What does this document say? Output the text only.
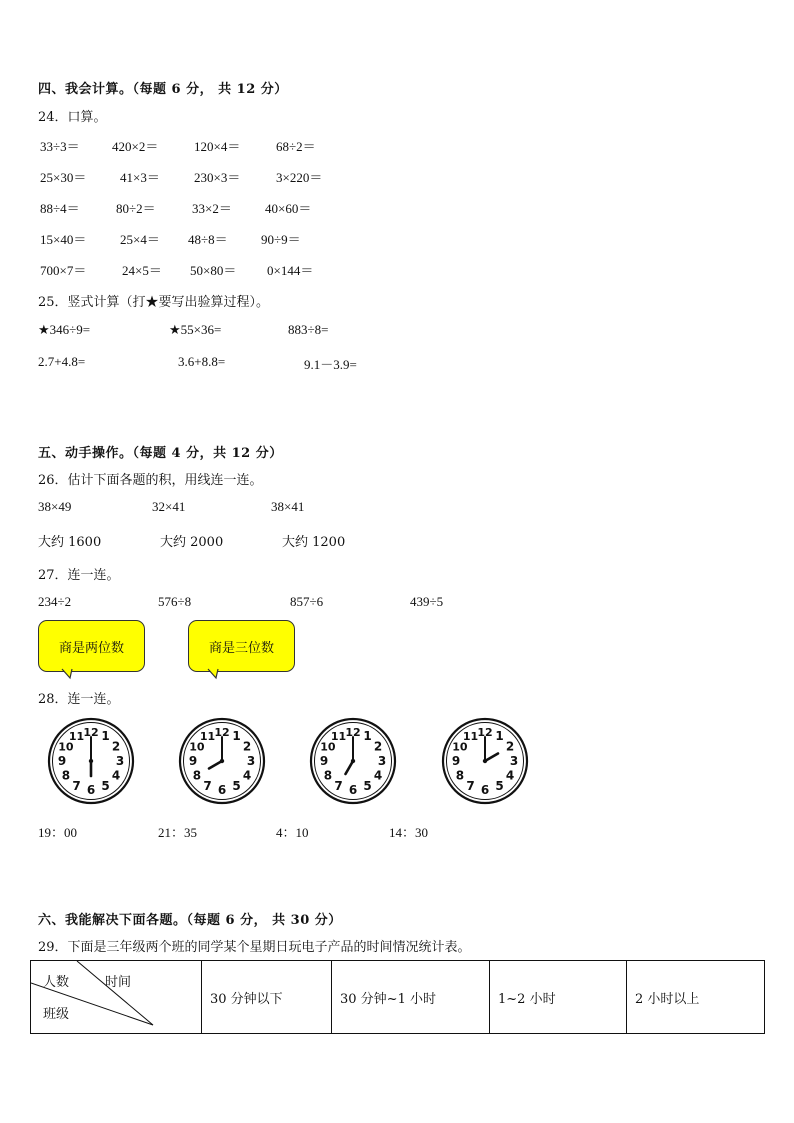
四、我会计算。（每题 6 分， 共 12 分）
24．口算。
33÷3＝ 420×2＝	120×4＝	68÷2＝
25×30＝	41×3＝	230×3＝	3×220＝
88÷4＝	80÷2＝	33×2＝	40×60＝
15×40＝	25×4＝ 48÷8＝	90÷9＝
700×7＝	24×5＝ 50×80＝ 0×144＝
25．竖式计算（打★要写出验算过程）。
★346÷9=	★55×36=	883÷8=
2.7+4.8=	3.6+8.8=	9.1－3.9=
五、动手操作。（每题 4 分，共 12 分）
26．估计下面各题的积，用线连一连。
38×49	32×41	38×41
大约 1600	大约 2000	大约 1200
27．连一连。
234÷2	576÷8	857÷6	439÷5
商是两位数	商是三位数
28．连一连。
1
2
3
4
5
6
7
8
9
10
11 12	1
2
3
4
5
6
7
8
9
10
11 12	1
2
3
4
5
6
7
8
9
10
11 12	1
2
3
4
5
6
7
8
9
10
11 12
19：00	21：35	4：10	14：30
六、我能解决下面各题。（每题 6 分， 共 30 分）
29．下面是三年级两个班的同学某个星期日玩电子产品的时间情况统计表。
人数	时间
班级
	30 分钟以下	30 分钟~1 小时	1~2 小时	2 小时以上
